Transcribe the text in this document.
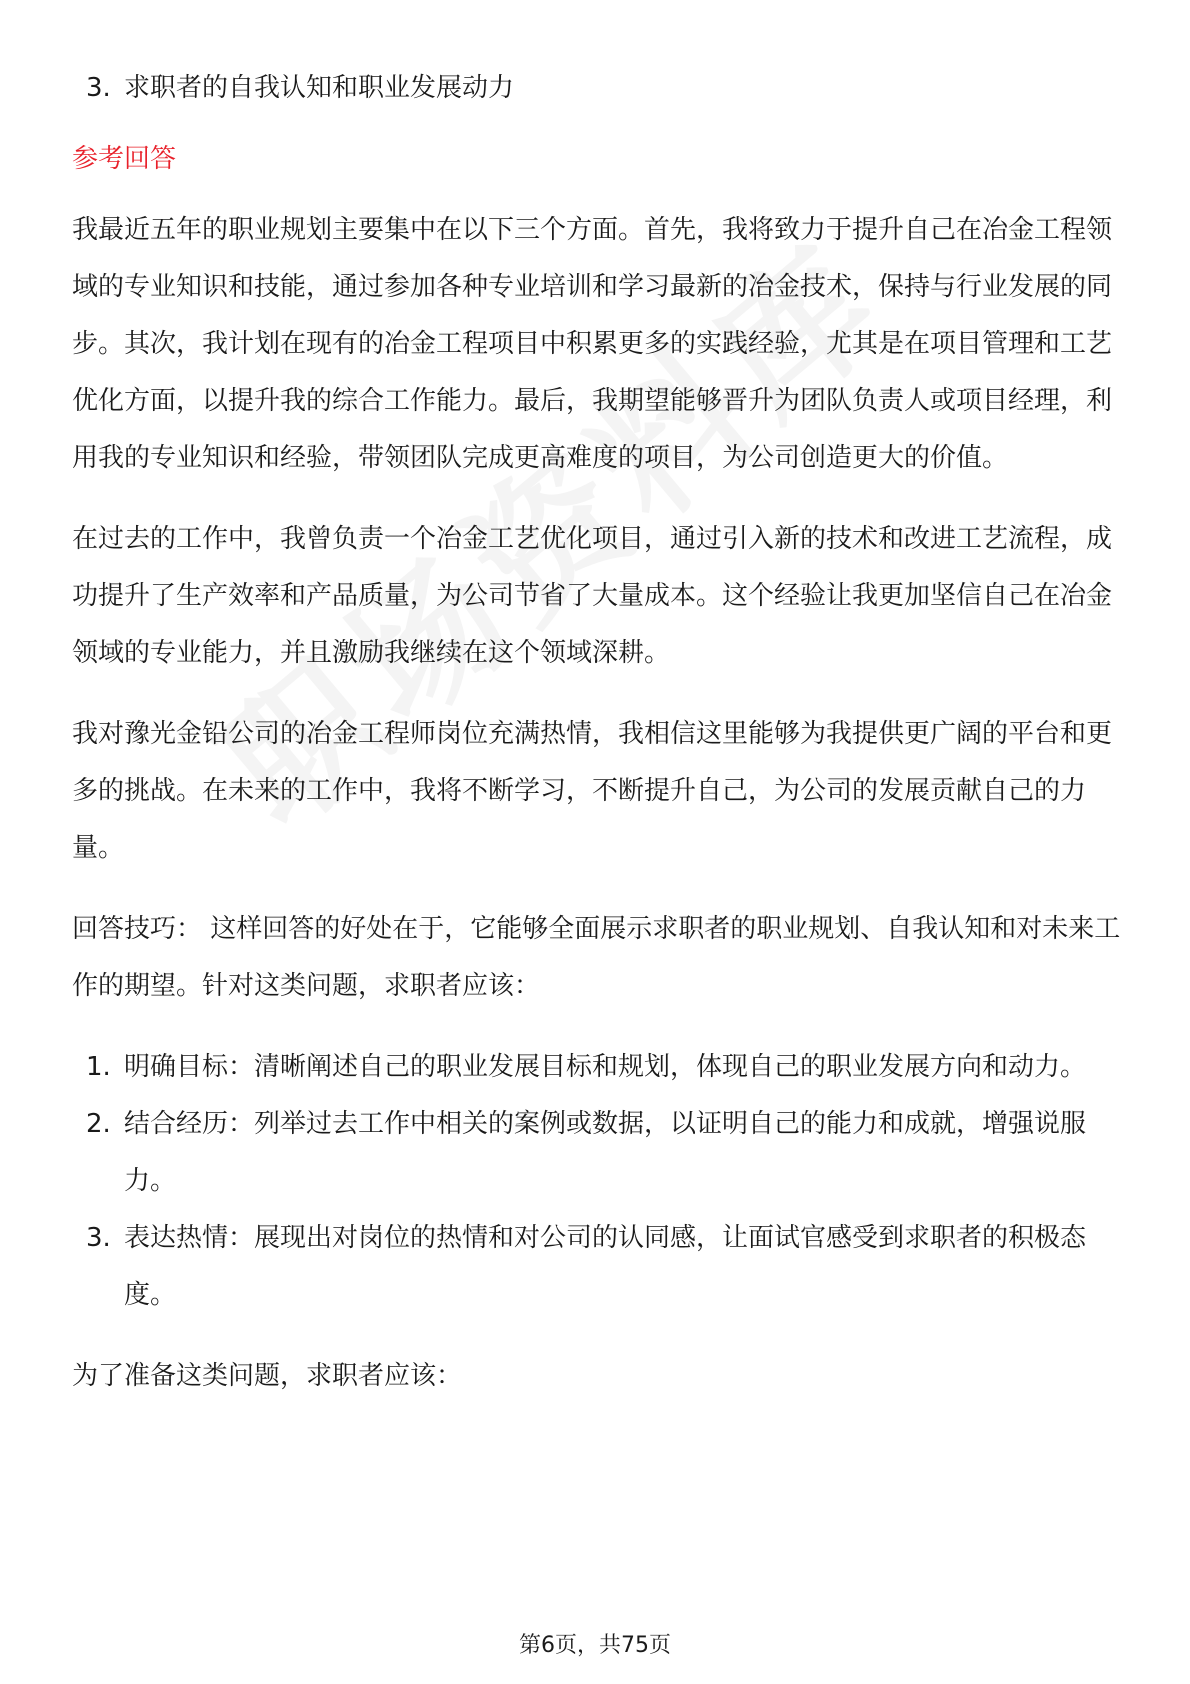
3. 求职者的自我认知和职业发展动力

参考回答

我最近五年的职业规划主要集中在以下三个方面。首先，我将致力于提升自己在冶金工程领域的专业知识和技能，通过参加各种专业培训和学习最新的冶金技术，保持与行业发展的同步。其次，我计划在现有的冶金工程项目中积累更多的实践经验，尤其是在项目管理和工艺优化方面，以提升我的综合工作能力。最后，我期望能够晋升为团队负责人或项目经理，利用我的专业知识和经验，带领团队完成更高难度的项目，为公司创造更大的价值。

在过去的工作中，我曾负责一个冶金工艺优化项目，通过引入新的技术和改进工艺流程，成功提升了生产效率和产品质量，为公司节省了大量成本。这个经验让我更加坚信自己在冶金领域的专业能力，并且激励我继续在这个领域深耕。

我对豫光金铅公司的冶金工程师岗位充满热情，我相信这里能够为我提供更广阔的平台和更多的挑战。在未来的工作中，我将不断学习，不断提升自己，为公司的发展贡献自己的力量。

回答技巧： 这样回答的好处在于，它能够全面展示求职者的职业规划、自我认知和对未来工作的期望。针对这类问题，求职者应该：

1. 明确目标：清晰阐述自己的职业发展目标和规划，体现自己的职业发展方向和动力。
2. 结合经历：列举过去工作中相关的案例或数据，以证明自己的能力和成就，增强说服力。
3. 表达热情：展现出对岗位的热情和对公司的认同感，让面试官感受到求职者的积极态度。

为了准备这类问题，求职者应该：

第6页，共75页
